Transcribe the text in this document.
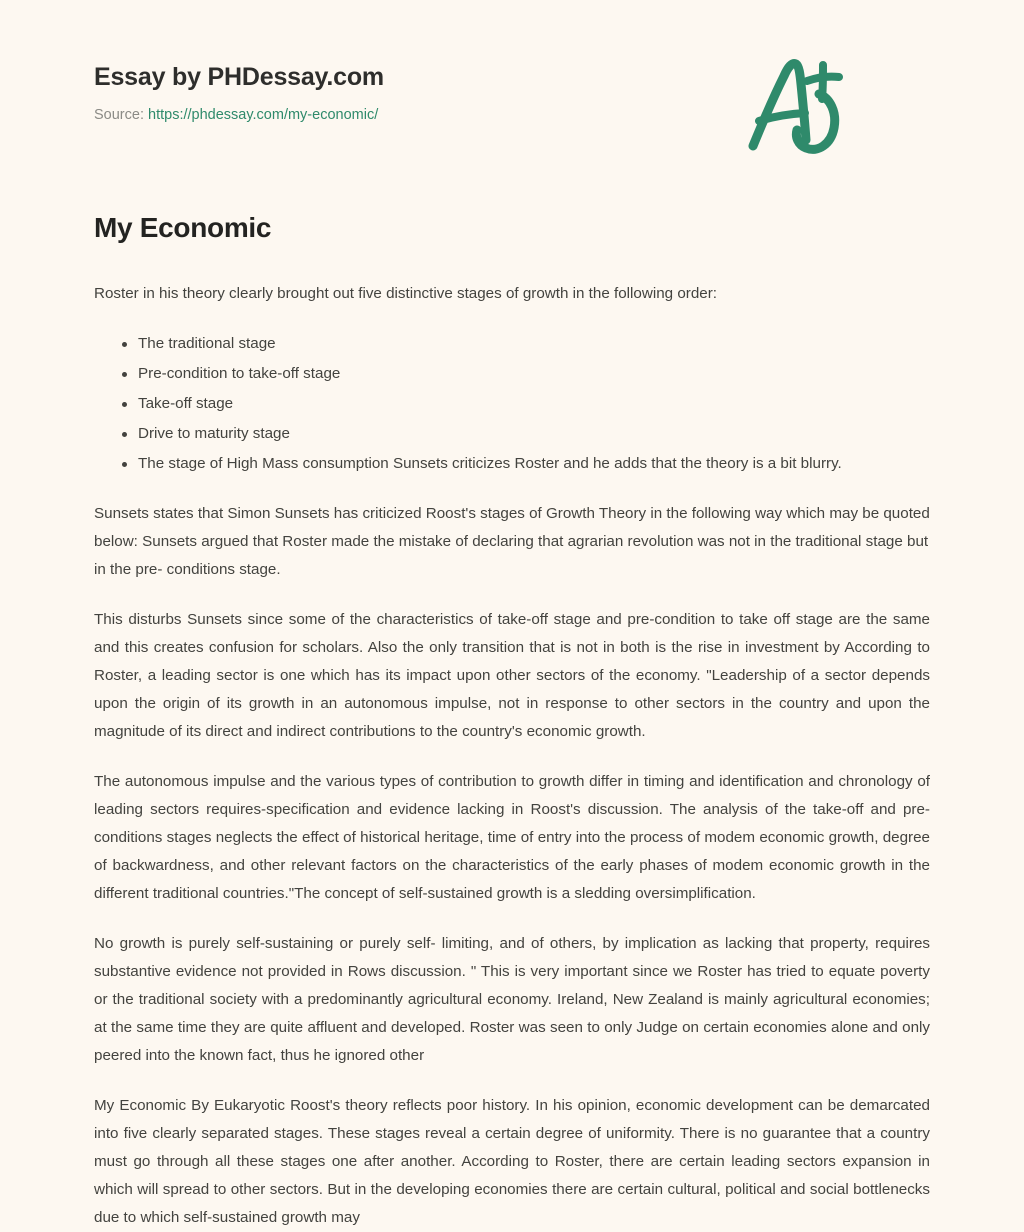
Essay by PHDessay.com
Source: https://phdessay.com/my-economic/
My Economic

Roster in his theory clearly brought out five distinctive stages of growth in the following order:

The traditional stage
Pre-condition to take-off stage
Take-off stage
Drive to maturity stage
The stage of High Mass consumption Sunsets criticizes Roster and he adds that the theory is a bit blurry.

Sunsets states that Simon Sunsets has criticized Roost's stages of Growth Theory in the following way which may be quoted below: Sunsets argued that Roster made the mistake of declaring that agrarian revolution was not in the traditional stage but in the pre- conditions stage.

This disturbs Sunsets since some of the characteristics of take-off stage and pre-condition to take off stage are the same and this creates confusion for scholars. Also the only transition that is not in both is the rise in investment by According to Roster, a leading sector is one which has its impact upon other sectors of the economy. "Leadership of a sector depends upon the origin of its growth in an autonomous impulse, not in response to other sectors in the country and upon the magnitude of its direct and indirect contributions to the country's economic growth.

The autonomous impulse and the various types of contribution to growth differ in timing and identification and chronology of leading sectors requires-specification and evidence lacking in Roost's discussion. The analysis of the take-off and pre- conditions stages neglects the effect of historical heritage, time of entry into the process of modem economic growth, degree of backwardness, and other relevant factors on the characteristics of the early phases of modem economic growth in the different traditional countries."The concept of self-sustained growth is a sledding oversimplification.

No growth is purely self-sustaining or purely self- limiting, and of others, by implication as lacking that property, requires substantive evidence not provided in Rows discussion. " This is very important since we Roster has tried to equate poverty or the traditional society with a predominantly agricultural economy. Ireland, New Zealand is mainly agricultural economies; at the same time they are quite affluent and developed. Roster was seen to only Judge on certain economies alone and only peered into the known fact, thus he ignored other

My Economic By Eukaryotic Roost's theory reflects poor history. In his opinion, economic development can be demarcated into five clearly separated stages. These stages reveal a certain degree of uniformity. There is no guarantee that a country must go through all these stages one after another. According to Roster, there are certain leading sectors expansion in which will spread to other sectors. But in the developing economies there are certain cultural, political and social bottlenecks due to which self-sustained growth may
